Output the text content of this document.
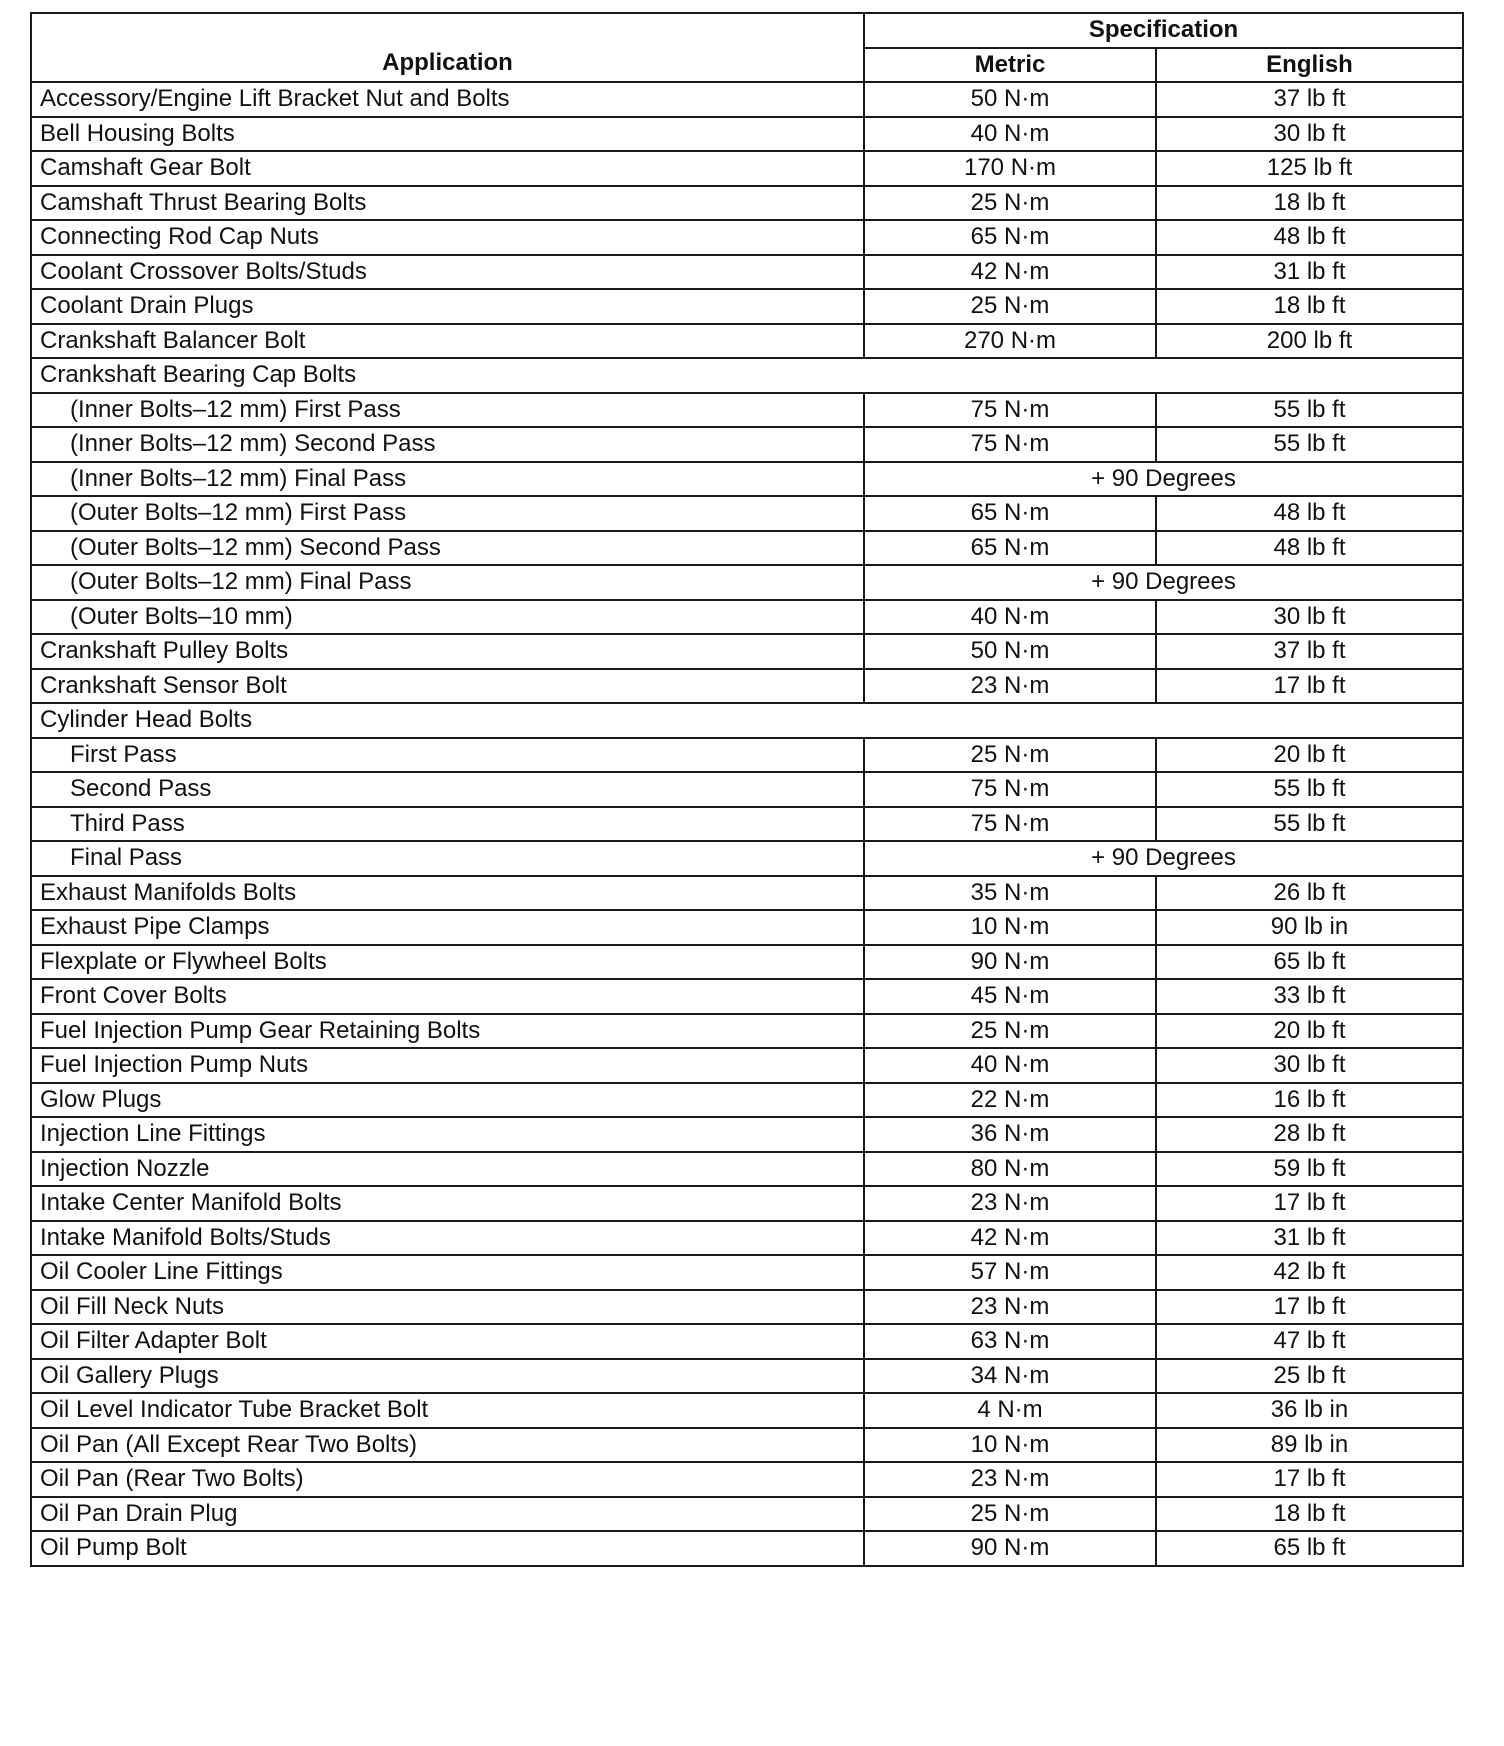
Application	Specification	
	Metric	English
Accessory/Engine Lift Bracket Nut and Bolts	50 N·m	37 lb ft
Bell Housing Bolts	40 N·m	30 lb ft
Camshaft Gear Bolt	170 N·m	125 lb ft
Camshaft Thrust Bearing Bolts	25 N·m	18 lb ft
Connecting Rod Cap Nuts	65 N·m	48 lb ft
Coolant Crossover Bolts/Studs	42 N·m	31 lb ft
Coolant Drain Plugs	25 N·m	18 lb ft
Crankshaft Balancer Bolt	270 N·m	200 lb ft
Crankshaft Bearing Cap Bolts		
(Inner Bolts–12 mm) First Pass	75 N·m	55 lb ft
(Inner Bolts–12 mm) Second Pass	75 N·m	55 lb ft
(Inner Bolts–12 mm) Final Pass	+ 90 Degrees	
(Outer Bolts–12 mm) First Pass	65 N·m	48 lb ft
(Outer Bolts–12 mm) Second Pass	65 N·m	48 lb ft
(Outer Bolts–12 mm) Final Pass	+ 90 Degrees	
(Outer Bolts–10 mm)	40 N·m	30 lb ft
Crankshaft Pulley Bolts	50 N·m	37 lb ft
Crankshaft Sensor Bolt	23 N·m	17 lb ft
Cylinder Head Bolts		
First Pass	25 N·m	20 lb ft
Second Pass	75 N·m	55 lb ft
Third Pass	75 N·m	55 lb ft
Final Pass	+ 90 Degrees	
Exhaust Manifolds Bolts	35 N·m	26 lb ft
Exhaust Pipe Clamps	10 N·m	90 lb in
Flexplate or Flywheel Bolts	90 N·m	65 lb ft
Front Cover Bolts	45 N·m	33 lb ft
Fuel Injection Pump Gear Retaining Bolts	25 N·m	20 lb ft
Fuel Injection Pump Nuts	40 N·m	30 lb ft
Glow Plugs	22 N·m	16 lb ft
Injection Line Fittings	36 N·m	28 lb ft
Injection Nozzle	80 N·m	59 lb ft
Intake Center Manifold Bolts	23 N·m	17 lb ft
Intake Manifold Bolts/Studs	42 N·m	31 lb ft
Oil Cooler Line Fittings	57 N·m	42 lb ft
Oil Fill Neck Nuts	23 N·m	17 lb ft
Oil Filter Adapter Bolt	63 N·m	47 lb ft
Oil Gallery Plugs	34 N·m	25 lb ft
Oil Level Indicator Tube Bracket Bolt	4 N·m	36 lb in
Oil Pan (All Except Rear Two Bolts)	10 N·m	89 lb in
Oil Pan (Rear Two Bolts)	23 N·m	17 lb ft
Oil Pan Drain Plug	25 N·m	18 lb ft
Oil Pump Bolt	90 N·m	65 lb ft
